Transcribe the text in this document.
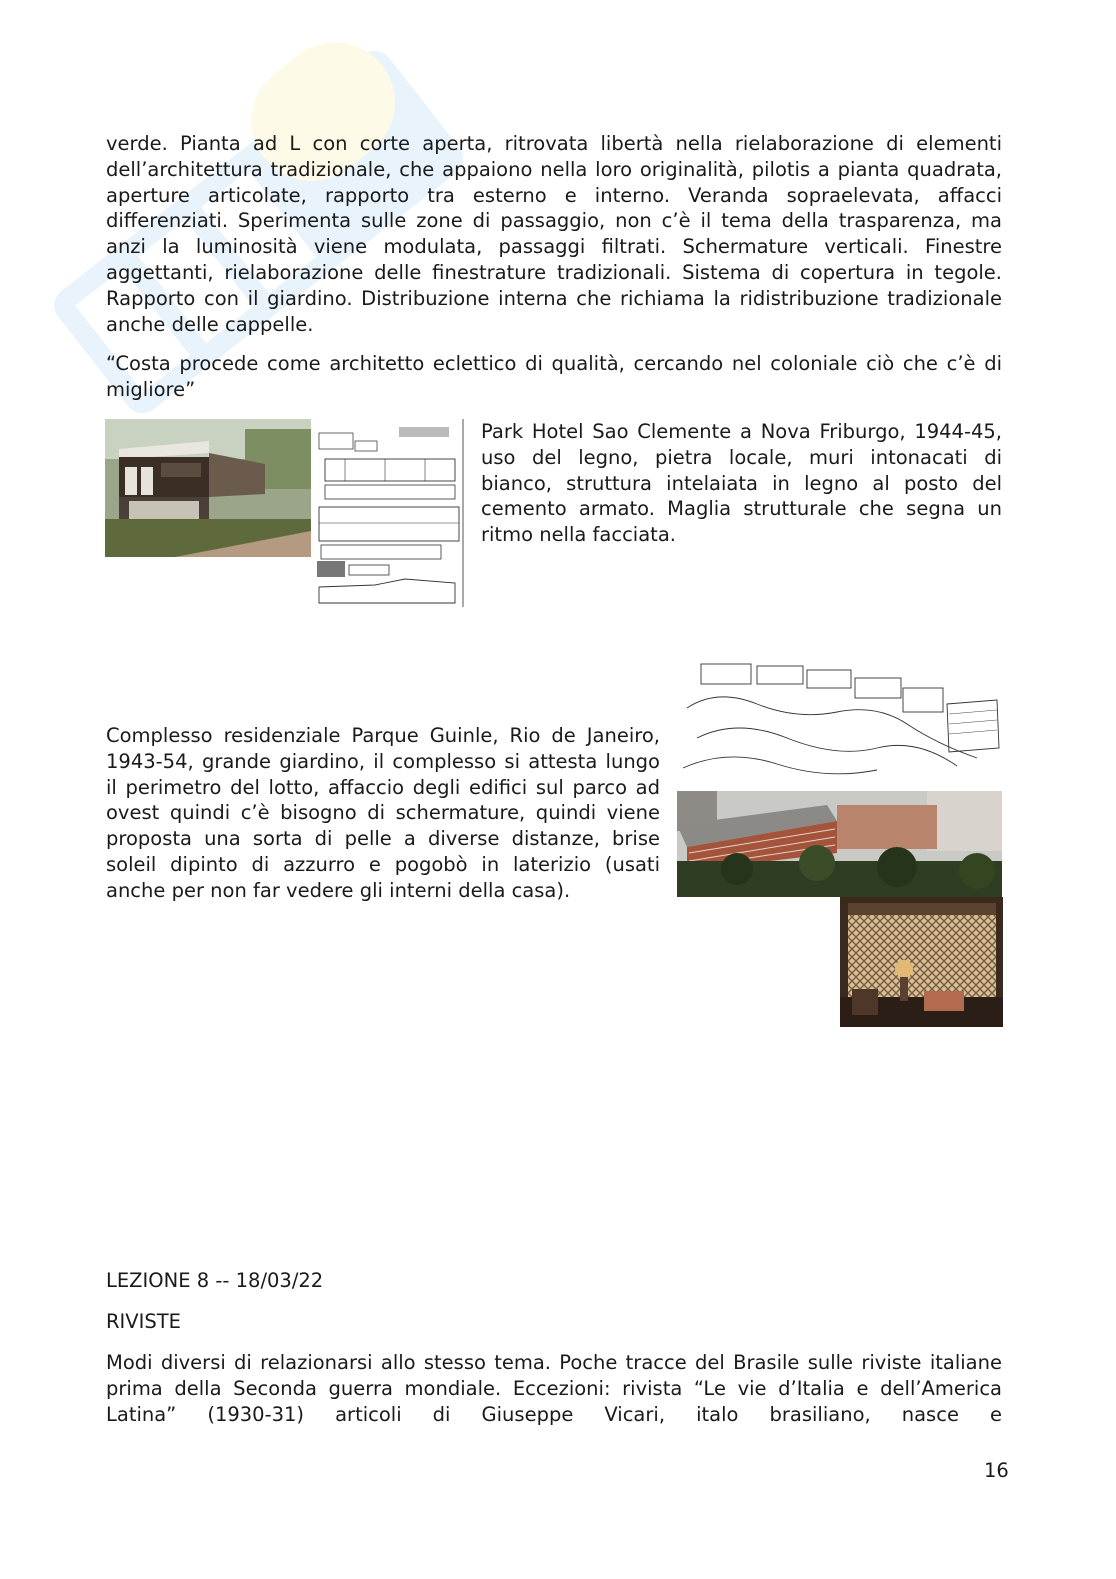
verde. Pianta ad L con corte aperta, ritrovata libertà nella rielaborazione di elementi dell’architettura tradizionale, che appaiono nella loro originalità, pilotis a pianta quadrata, aperture articolate, rapporto tra esterno e interno. Veranda sopraelevata, affacci differenziati. Sperimenta sulle zone di passaggio, non c’è il tema della trasparenza, ma anzi la luminosità viene modulata, passaggi filtrati. Schermature verticali. Finestre aggettanti, rielaborazione delle finestrature tradizionali. Sistema di copertura in tegole. Rapporto con il giardino. Distribuzione interna che richiama la ridistribuzione tradizionale anche delle cappelle.

“Costa procede come architetto eclettico di qualità, cercando nel coloniale ciò che c’è di migliore”

Park Hotel Sao Clemente a Nova Friburgo, 1944-45, uso del legno, pietra locale, muri intonacati di bianco, struttura intelaiata in legno al posto del cemento armato. Maglia strutturale che segna un ritmo nella facciata.

Complesso residenziale Parque Guinle, Rio de Janeiro, 1943-54, grande giardino, il complesso si attesta lungo il perimetro del lotto, affaccio degli edifici sul parco ad ovest quindi c’è bisogno di schermature, quindi viene proposta una sorta di pelle a diverse distanze, brise soleil dipinto di azzurro e pogobò in laterizio (usati anche per non far vedere gli interni della casa).

LEZIONE 8 -- 18/03/22

RIVISTE

Modi diversi di relazionarsi allo stesso tema. Poche tracce del Brasile sulle riviste italiane prima della Seconda guerra mondiale. Eccezioni: rivista “Le vie d’Italia e dell’America Latina” (1930-31) articoli di Giuseppe Vicari, italo brasiliano, nasce e

16
